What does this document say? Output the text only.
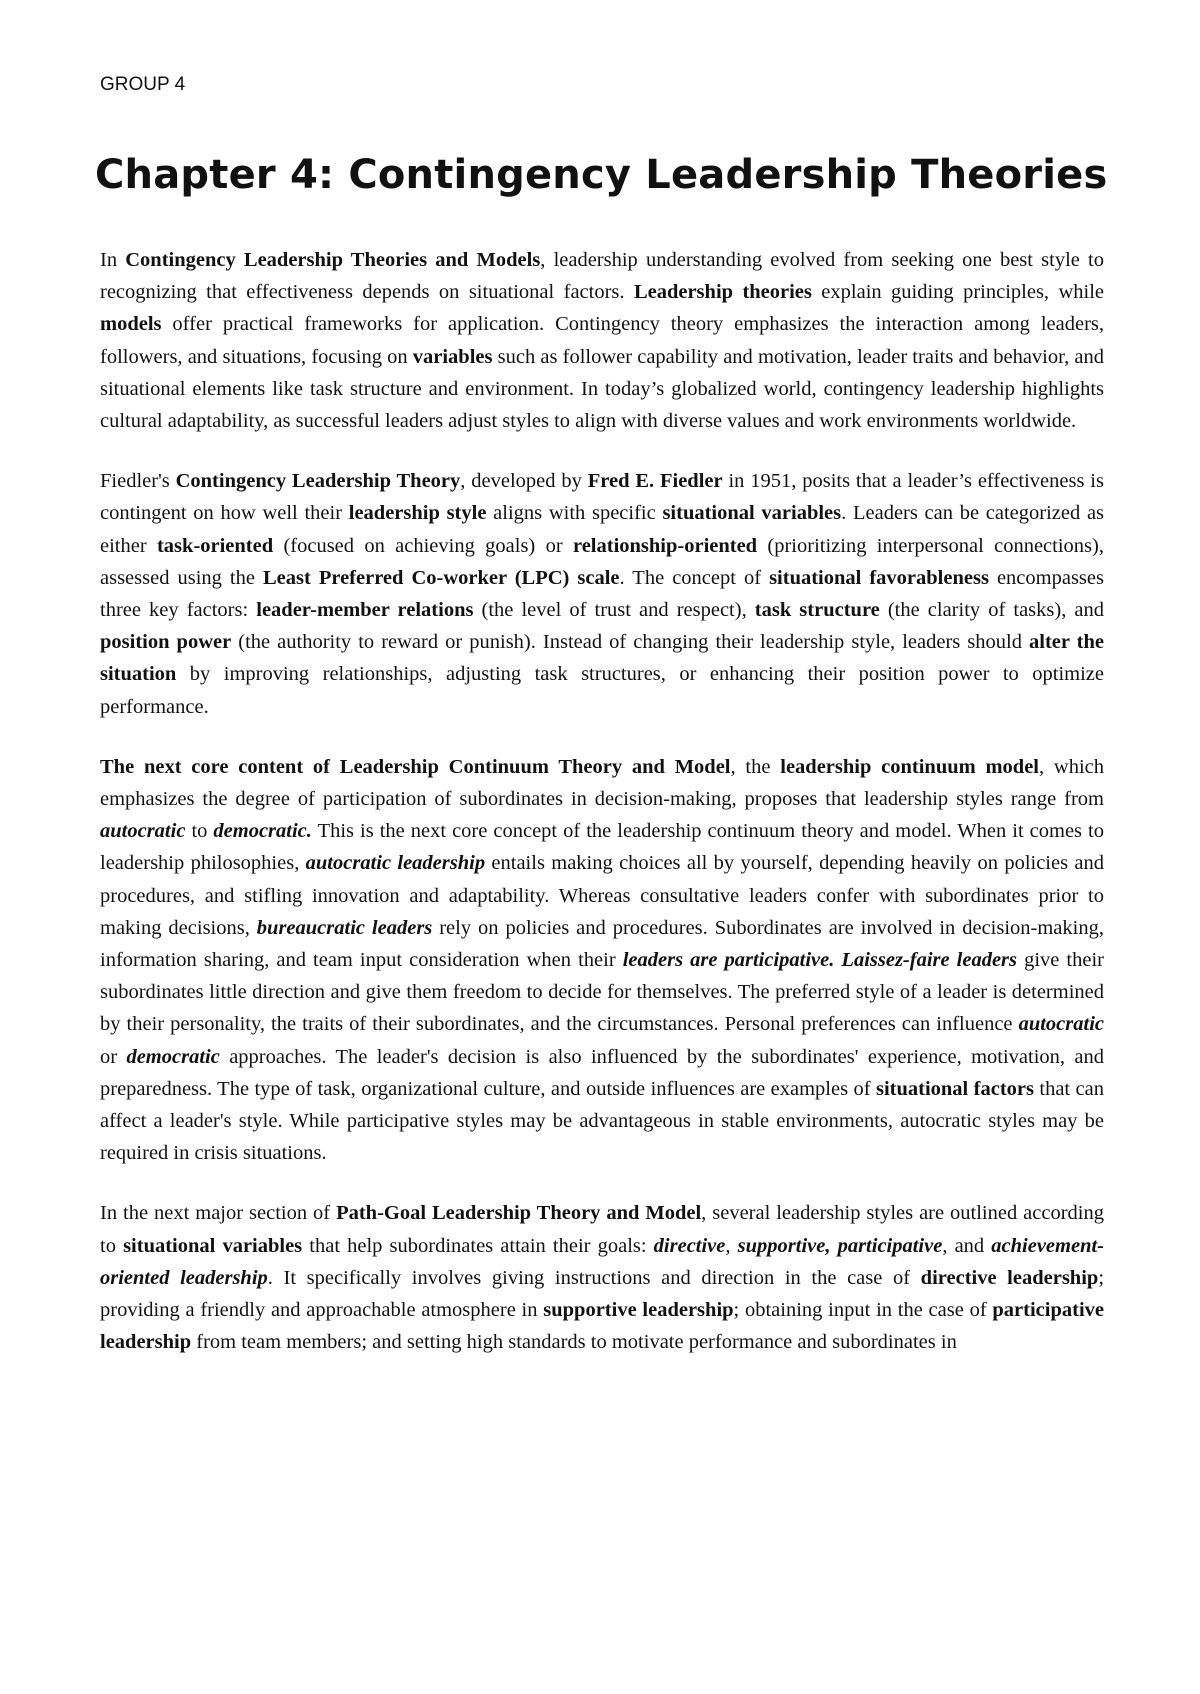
GROUP 4
Chapter 4: Contingency Leadership Theories

In Contingency Leadership Theories and Models, leadership understanding evolved from seeking one best style to recognizing that effectiveness depends on situational factors. Leadership theories explain guiding principles, while models offer practical frameworks for application. Contingency theory emphasizes the interaction among leaders, followers, and situations, focusing on variables such as follower capability and motivation, leader traits and behavior, and situational elements like task structure and environment. In today’s globalized world, contingency leadership highlights cultural adaptability, as successful leaders adjust styles to align with diverse values and work environments worldwide.

Fiedler's Contingency Leadership Theory, developed by Fred E. Fiedler in 1951, posits that a leader’s effectiveness is contingent on how well their leadership style aligns with specific situational variables. Leaders can be categorized as either task-oriented (focused on achieving goals) or relationship-oriented (prioritizing interpersonal connections), assessed using the Least Preferred Co-worker (LPC) scale. The concept of situational favorableness encompasses three key factors: leader-member relations (the level of trust and respect), task structure (the clarity of tasks), and position power (the authority to reward or punish). Instead of changing their leadership style, leaders should alter the situation by improving relationships, adjusting task structures, or enhancing their position power to optimize performance.

The next core content of Leadership Continuum Theory and Model, the leadership continuum model, which emphasizes the degree of participation of subordinates in decision-making, proposes that leadership styles range from autocratic to democratic. This is the next core concept of the leadership continuum theory and model. When it comes to leadership philosophies, autocratic leadership entails making choices all by yourself, depending heavily on policies and procedures, and stifling innovation and adaptability. Whereas consultative leaders confer with subordinates prior to making decisions, bureaucratic leaders rely on policies and procedures. Subordinates are involved in decision-making, information sharing, and team input consideration when their leaders are participative. Laissez-faire leaders give their subordinates little direction and give them freedom to decide for themselves. The preferred style of a leader is determined by their personality, the traits of their subordinates, and the circumstances. Personal preferences can influence autocratic or democratic approaches. The leader's decision is also influenced by the subordinates' experience, motivation, and preparedness. The type of task, organizational culture, and outside influences are examples of situational factors that can affect a leader's style. While participative styles may be advantageous in stable environments, autocratic styles may be required in crisis situations.

In the next major section of Path-Goal Leadership Theory and Model, several leadership styles are outlined according to situational variables that help subordinates attain their goals: directive, supportive, participative, and achievement-oriented leadership. It specifically involves giving instructions and direction in the case of directive leadership; providing a friendly and approachable atmosphere in supportive leadership; obtaining input in the case of participative leadership from team members; and setting high standards to motivate performance and subordinates in
